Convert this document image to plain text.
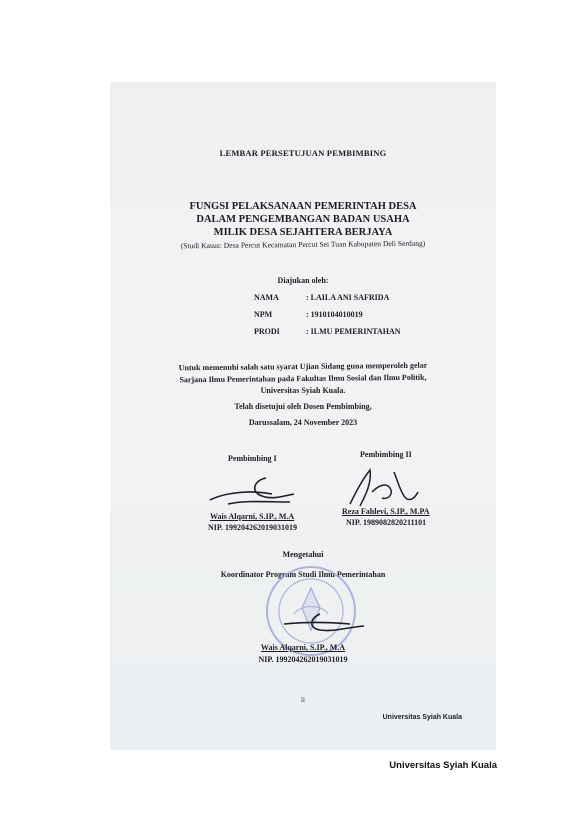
LEMBAR PERSETUJUAN PEMBIMBING
FUNGSI PELAKSANAAN PEMERINTAH DESA
DALAM PENGEMBANGAN BADAN USAHA
MILIK DESA SEJAHTERA BERJAYA
(Studi Kasus: Desa Percut Kecamatan Percut Sei Tuan Kabupaten Deli Serdang)
Diajukan oleh:
NAMA	: LAILA ANI SAFRIDA
NPM	: 1910104010019
PRODI	: ILMU PEMERINTAHAN
Untuk memenuhi salah satu syarat Ujian Sidang guna memperoleh gelar
Sarjana Ilmu Pemerintahan pada Fakultas Ilmu Sosial dan Ilmu Politik,
Universitas Syiah Kuala.
Telah disetujui oleh Dosen Pembimbing,
Darussalam, 24 November 2023
Pembimbing I	Pembimbing II
Wais Alqarni, S.IP., M.A
NIP. 199204262019031019
Reza Fahlevi, S.IP., M.PA
NIP. 1989082820211101
Mengetahui
Koordinator Program Studi Ilmu Pemerintahan
Wais Alqarni, S.IP., M.A
NIP. 199204262019031019
ii
Universitas Syiah Kuala
Universitas Syiah Kuala
